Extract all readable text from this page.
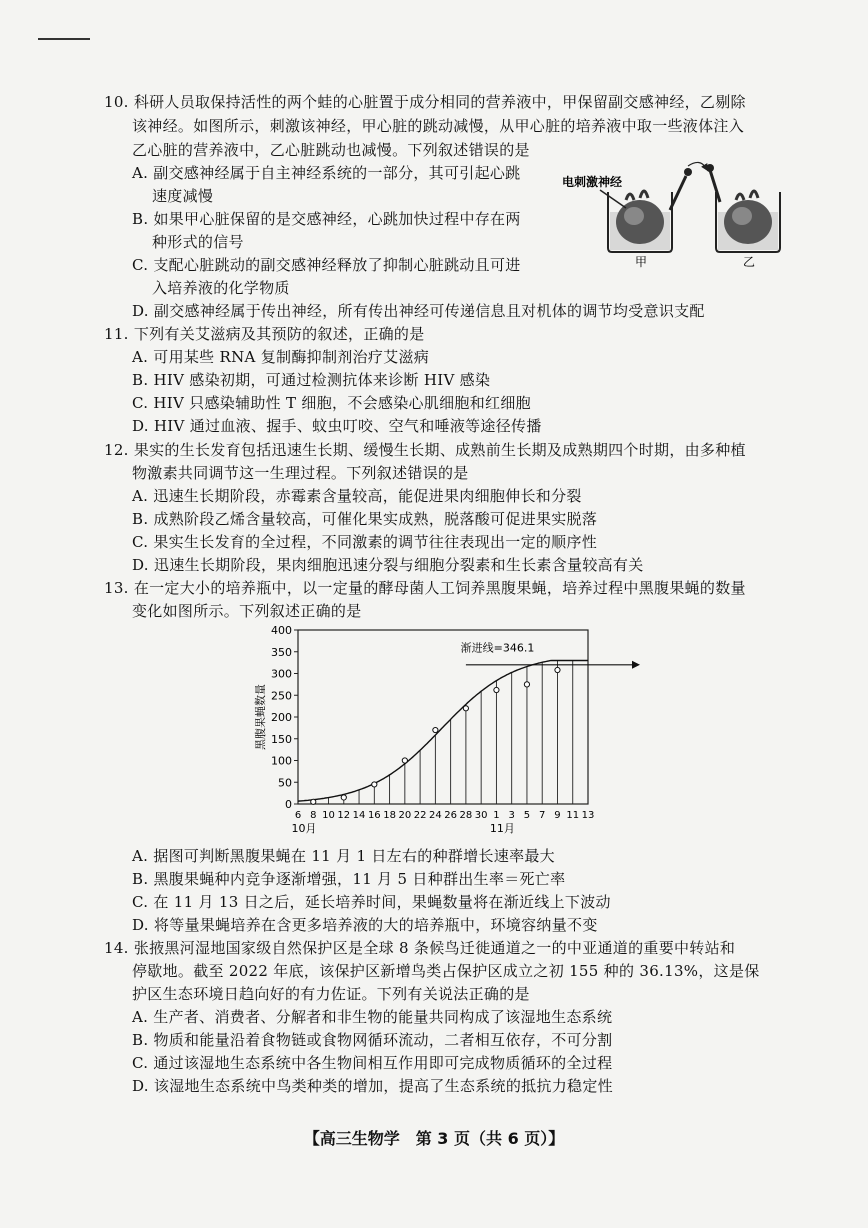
10. 科研人员取保持活性的两个蛙的心脏置于成分相同的营养液中，甲保留副交感神经，乙剔除
该神经。如图所示，刺激该神经，甲心脏的跳动减慢，从甲心脏的培养液中取一些液体注入
乙心脏的营养液中，乙心脏跳动也减慢。下列叙述错误的是
A. 副交感神经属于自主神经系统的一部分，其可引起心跳
速度减慢
B. 如果甲心脏保留的是交感神经，心跳加快过程中存在两
种形式的信号
C. 支配心脏跳动的副交感神经释放了抑制心脏跳动且可进
入培养液的化学物质
D. 副交感神经属于传出神经，所有传出神经可传递信息且对机体的调节均受意识支配
电刺激神经
甲	乙
11. 下列有关艾滋病及其预防的叙述，正确的是
A. 可用某些 RNA 复制酶抑制剂治疗艾滋病
B. HIV 感染初期，可通过检测抗体来诊断 HIV 感染
C. HIV 只感染辅助性 T 细胞，不会感染心肌细胞和红细胞
D. HIV 通过血液、握手、蚊虫叮咬、空气和唾液等途径传播
12. 果实的生长发育包括迅速生长期、缓慢生长期、成熟前生长期及成熟期四个时期，由多种植
物激素共同调节这一生理过程。下列叙述错误的是
A. 迅速生长期阶段，赤霉素含量较高，能促进果肉细胞伸长和分裂
B. 成熟阶段乙烯含量较高，可催化果实成熟，脱落酸可促进果实脱落
C. 果实生长发育的全过程，不同激素的调节往往表现出一定的顺序性
D. 迅速生长期阶段，果肉细胞迅速分裂与细胞分裂素和生长素含量较高有关
13. 在一定大小的培养瓶中，以一定量的酵母菌人工饲养黑腹果蝇，培养过程中黑腹果蝇的数量
变化如图所示。下列叙述正确的是
0
50
100
150
200
250
300
350
400
黑腹果蝇数量
6 8 10 12 14 16 18 20 22 24 26 28 30 1 3 5 7 9 11 13
10月	11月
渐进线=346.1
A. 据图可判断黑腹果蝇在 11 月 1 日左右的种群增长速率最大
B. 黑腹果蝇种内竞争逐渐增强，11 月 5 日种群出生率＝死亡率
C. 在 11 月 13 日之后，延长培养时间，果蝇数量将在渐近线上下波动
D. 将等量果蝇培养在含更多培养液的大的培养瓶中，环境容纳量不变
14. 张掖黑河湿地国家级自然保护区是全球 8 条候鸟迁徙通道之一的中亚通道的重要中转站和
停歇地。截至 2022 年底，该保护区新增鸟类占保护区成立之初 155 种的 36.13%，这是保
护区生态环境日趋向好的有力佐证。下列有关说法正确的是
A. 生产者、消费者、分解者和非生物的能量共同构成了该湿地生态系统
B. 物质和能量沿着食物链或食物网循环流动，二者相互依存，不可分割
C. 通过该湿地生态系统中各生物间相互作用即可完成物质循环的全过程
D. 该湿地生态系统中鸟类种类的增加，提高了生态系统的抵抗力稳定性
【高三生物学　第 3 页（共 6 页）】
